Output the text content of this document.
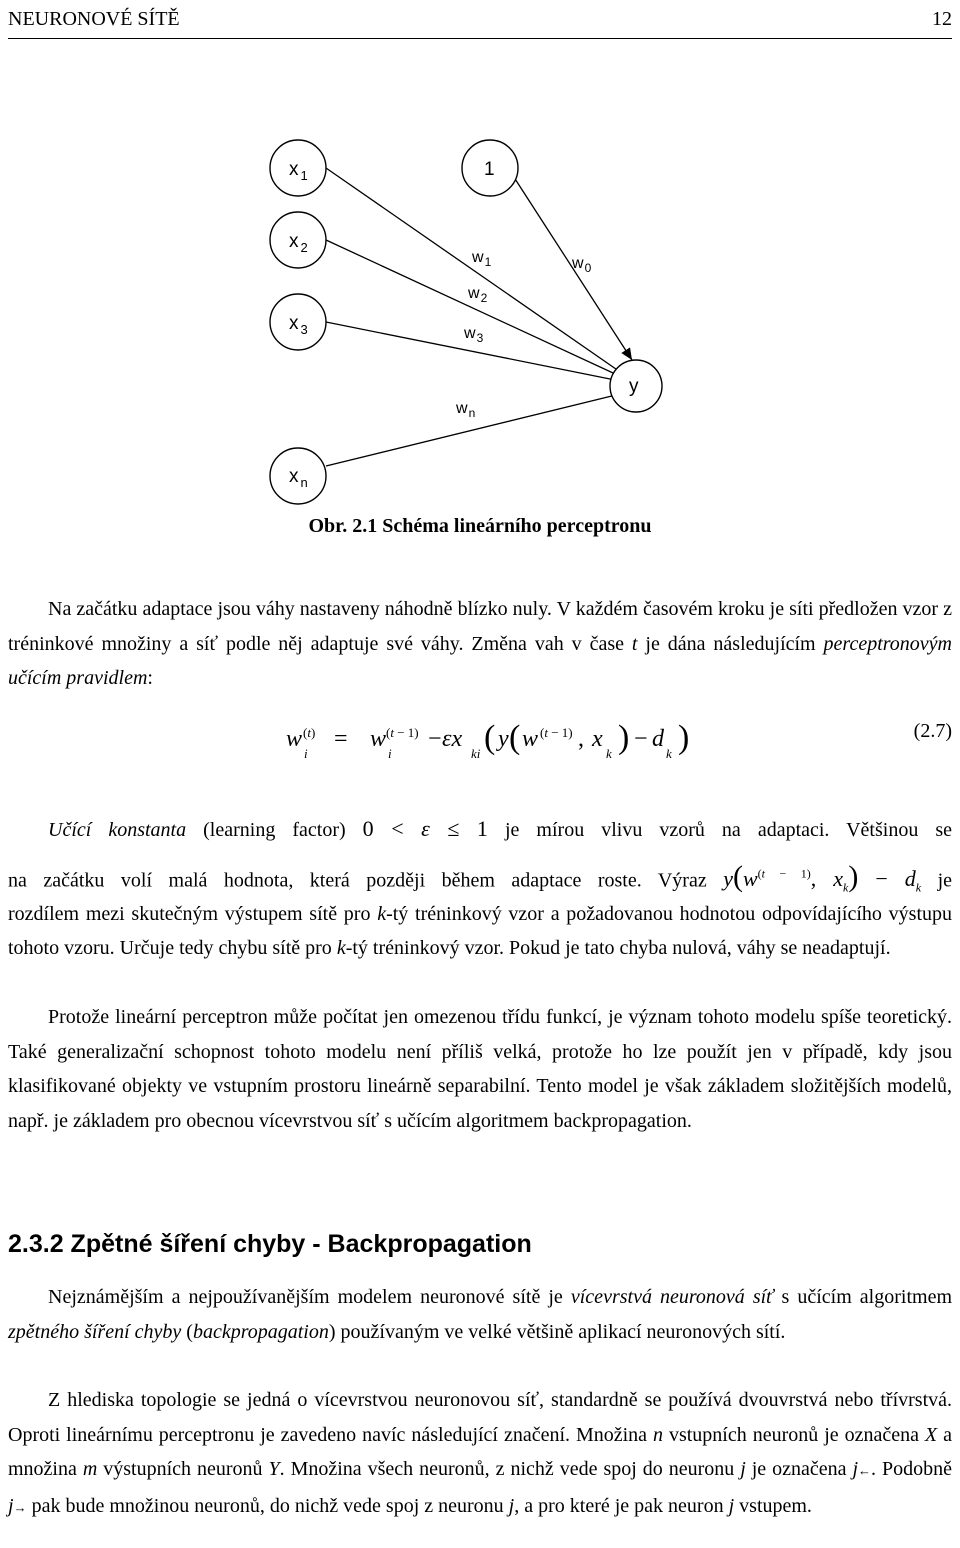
NEURONOVÉ SÍTĚ	12
x $_1$
x $_2$
x $_3$
x $_n$
1
y
$w_1$
$w_2$
$w_3$
$w_n$
$w_0$
Obr. 2.1 Schéma lineárního perceptronu

Na začátku adaptace jsou váhy nastaveny náhodně blízko nuly. V každém časovém kroku je síti předložen vzor z tréninkové množiny a síť podle něj adaptuje své váhy. Změna vah v čase t je dána následujícím perceptronovým učícím pravidlem:

w (t)
i
= w (t − 1)
i
− εx
ki ( y ( w (t − 1) , x
k ) − d
k )	(2.7)

Učící konstanta (learning factor) 0 < ε ≤ 1 je mírou vlivu vzorů na adaptaci. Většinou se

na začátku volí malá hodnota, která později během adaptace roste. Výraz $y(w^{(t - 1)}$, $x_k) - d_k$ je

rozdílem mezi skutečným výstupem sítě pro k-tý tréninkový vzor a požadovanou hodnotou odpovídajícího výstupu tohoto vzoru. Určuje tedy chybu sítě pro k-tý tréninkový vzor. Pokud je tato chyba nulová, váhy se neadaptují.

Protože lineární perceptron může počítat jen omezenou třídu funkcí, je význam tohoto modelu spíše teoretický. Také generalizační schopnost tohoto modelu není příliš velká, protože ho lze použít jen v případě, kdy jsou klasifikované objekty ve vstupním prostoru lineárně separabilní. Tento model je však základem složitějších modelů, např. je základem pro obecnou vícevrstvou síť s učícím algoritmem backpropagation.

2.3.2 Zpětné šíření chyby - Backpropagation

Nejznámějším a nejpoužívanějším modelem neuronové sítě je vícevrstvá neuronová síť s učícím algoritmem zpětného šíření chyby (backpropagation) používaným ve velké většině aplikací neuronových sítí.

Z hlediska topologie se jedná o vícevrstvou neuronovou síť, standardně se používá dvouvrstvá nebo třívrstvá. Oproti lineárnímu perceptronu je zavedeno navíc následující značení. Množina n vstupních neuronů je označena X a množina m výstupních neuronů Y. Množina všech neuronů, z nichž vede spoj do neuronu j je označena j←. Podobně j→ pak bude množinou neuronů, do nichž vede spoj z neuronu j, a pro které je pak neuron j vstupem.
